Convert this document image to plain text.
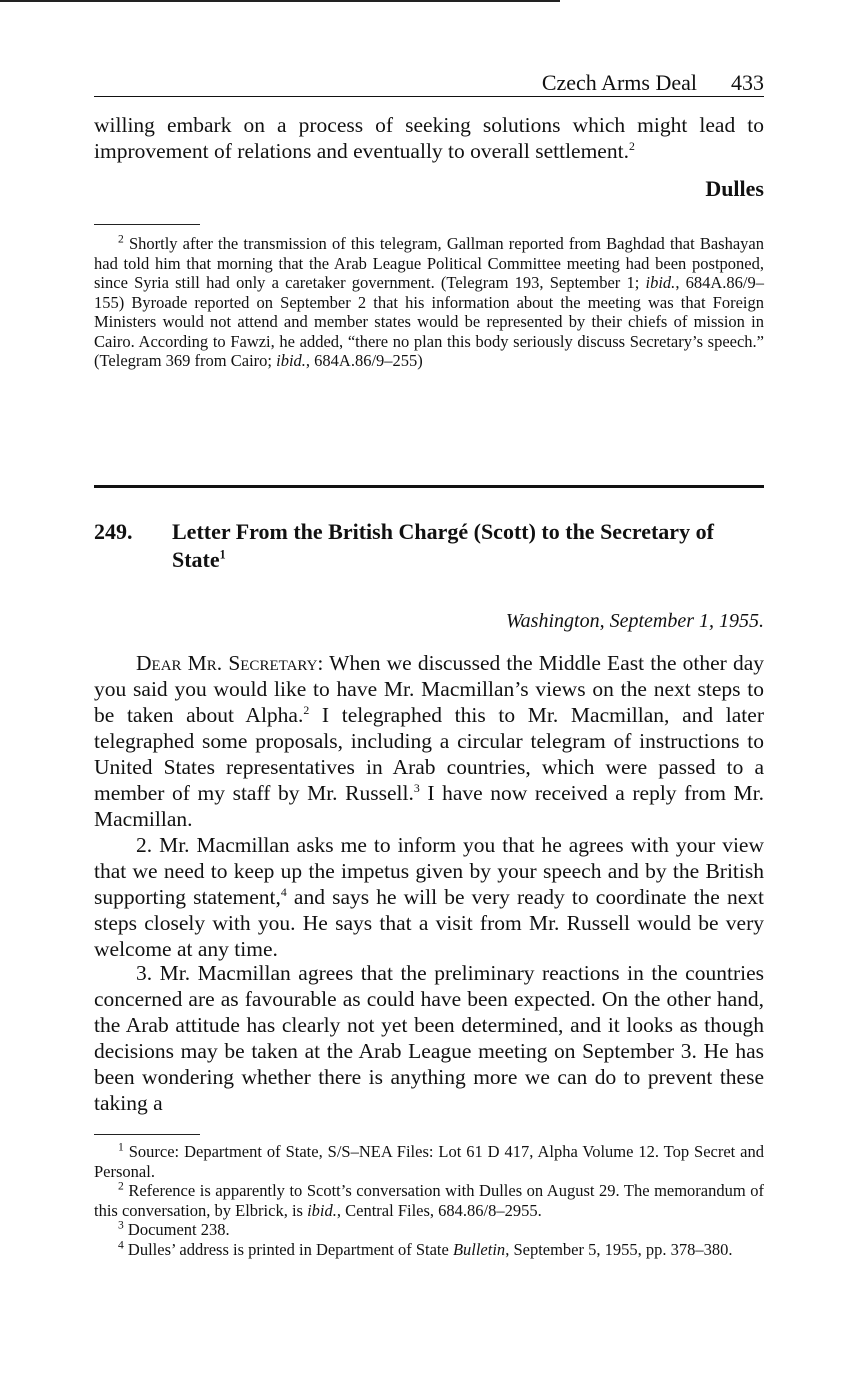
Czech Arms Deal 433

willing embark on a process of seeking solutions which might lead to improvement of relations and eventually to overall settlement.$^2$

Dulles

$^2$ Shortly after the transmission of this telegram, Gallman reported from Baghdad that Bashayan had told him that morning that the Arab League Political Committee meeting had been postponed, since Syria still had only a caretaker government. (Telegram 193, September 1; ibid., 684A.86/9–155) Byroade reported on September 2 that his information about the meeting was that Foreign Ministers would not attend and member states would be represented by their chiefs of mission in Cairo. According to Fawzi, he added, “there no plan this body seriously discuss Secretary’s speech.” (Telegram 369 from Cairo; ibid., 684A.86/9–255)

249. Letter From the British Chargé (Scott) to the Secretary of State$^1$

Washington, September 1, 1955.

Dear Mr. Secretary: When we discussed the Middle East the other day you said you would like to have Mr. Macmillan’s views on the next steps to be taken about Alpha.$^2$ I telegraphed this to Mr. Macmillan, and later telegraphed some proposals, including a circular telegram of instructions to United States representatives in Arab countries, which were passed to a member of my staff by Mr. Russell.$^3$ I have now received a reply from Mr. Macmillan.

2. Mr. Macmillan asks me to inform you that he agrees with your view that we need to keep up the impetus given by your speech and by the British supporting statement,$^4$ and says he will be very ready to coordinate the next steps closely with you. He says that a visit from Mr. Russell would be very welcome at any time.

3. Mr. Macmillan agrees that the preliminary reactions in the countries concerned are as favourable as could have been expected. On the other hand, the Arab attitude has clearly not yet been determined, and it looks as though decisions may be taken at the Arab League meeting on September 3. He has been wondering whether there is anything more we can do to prevent these taking a

$^1$ Source: Department of State, S/S–NEA Files: Lot 61 D 417, Alpha Volume 12. Top Secret and Personal.

$^2$ Reference is apparently to Scott’s conversation with Dulles on August 29. The memorandum of this conversation, by Elbrick, is ibid., Central Files, 684.86/8–2955.

$^3$ Document 238.

$^4$ Dulles’ address is printed in Department of State Bulletin, September 5, 1955, pp. 378–380.
